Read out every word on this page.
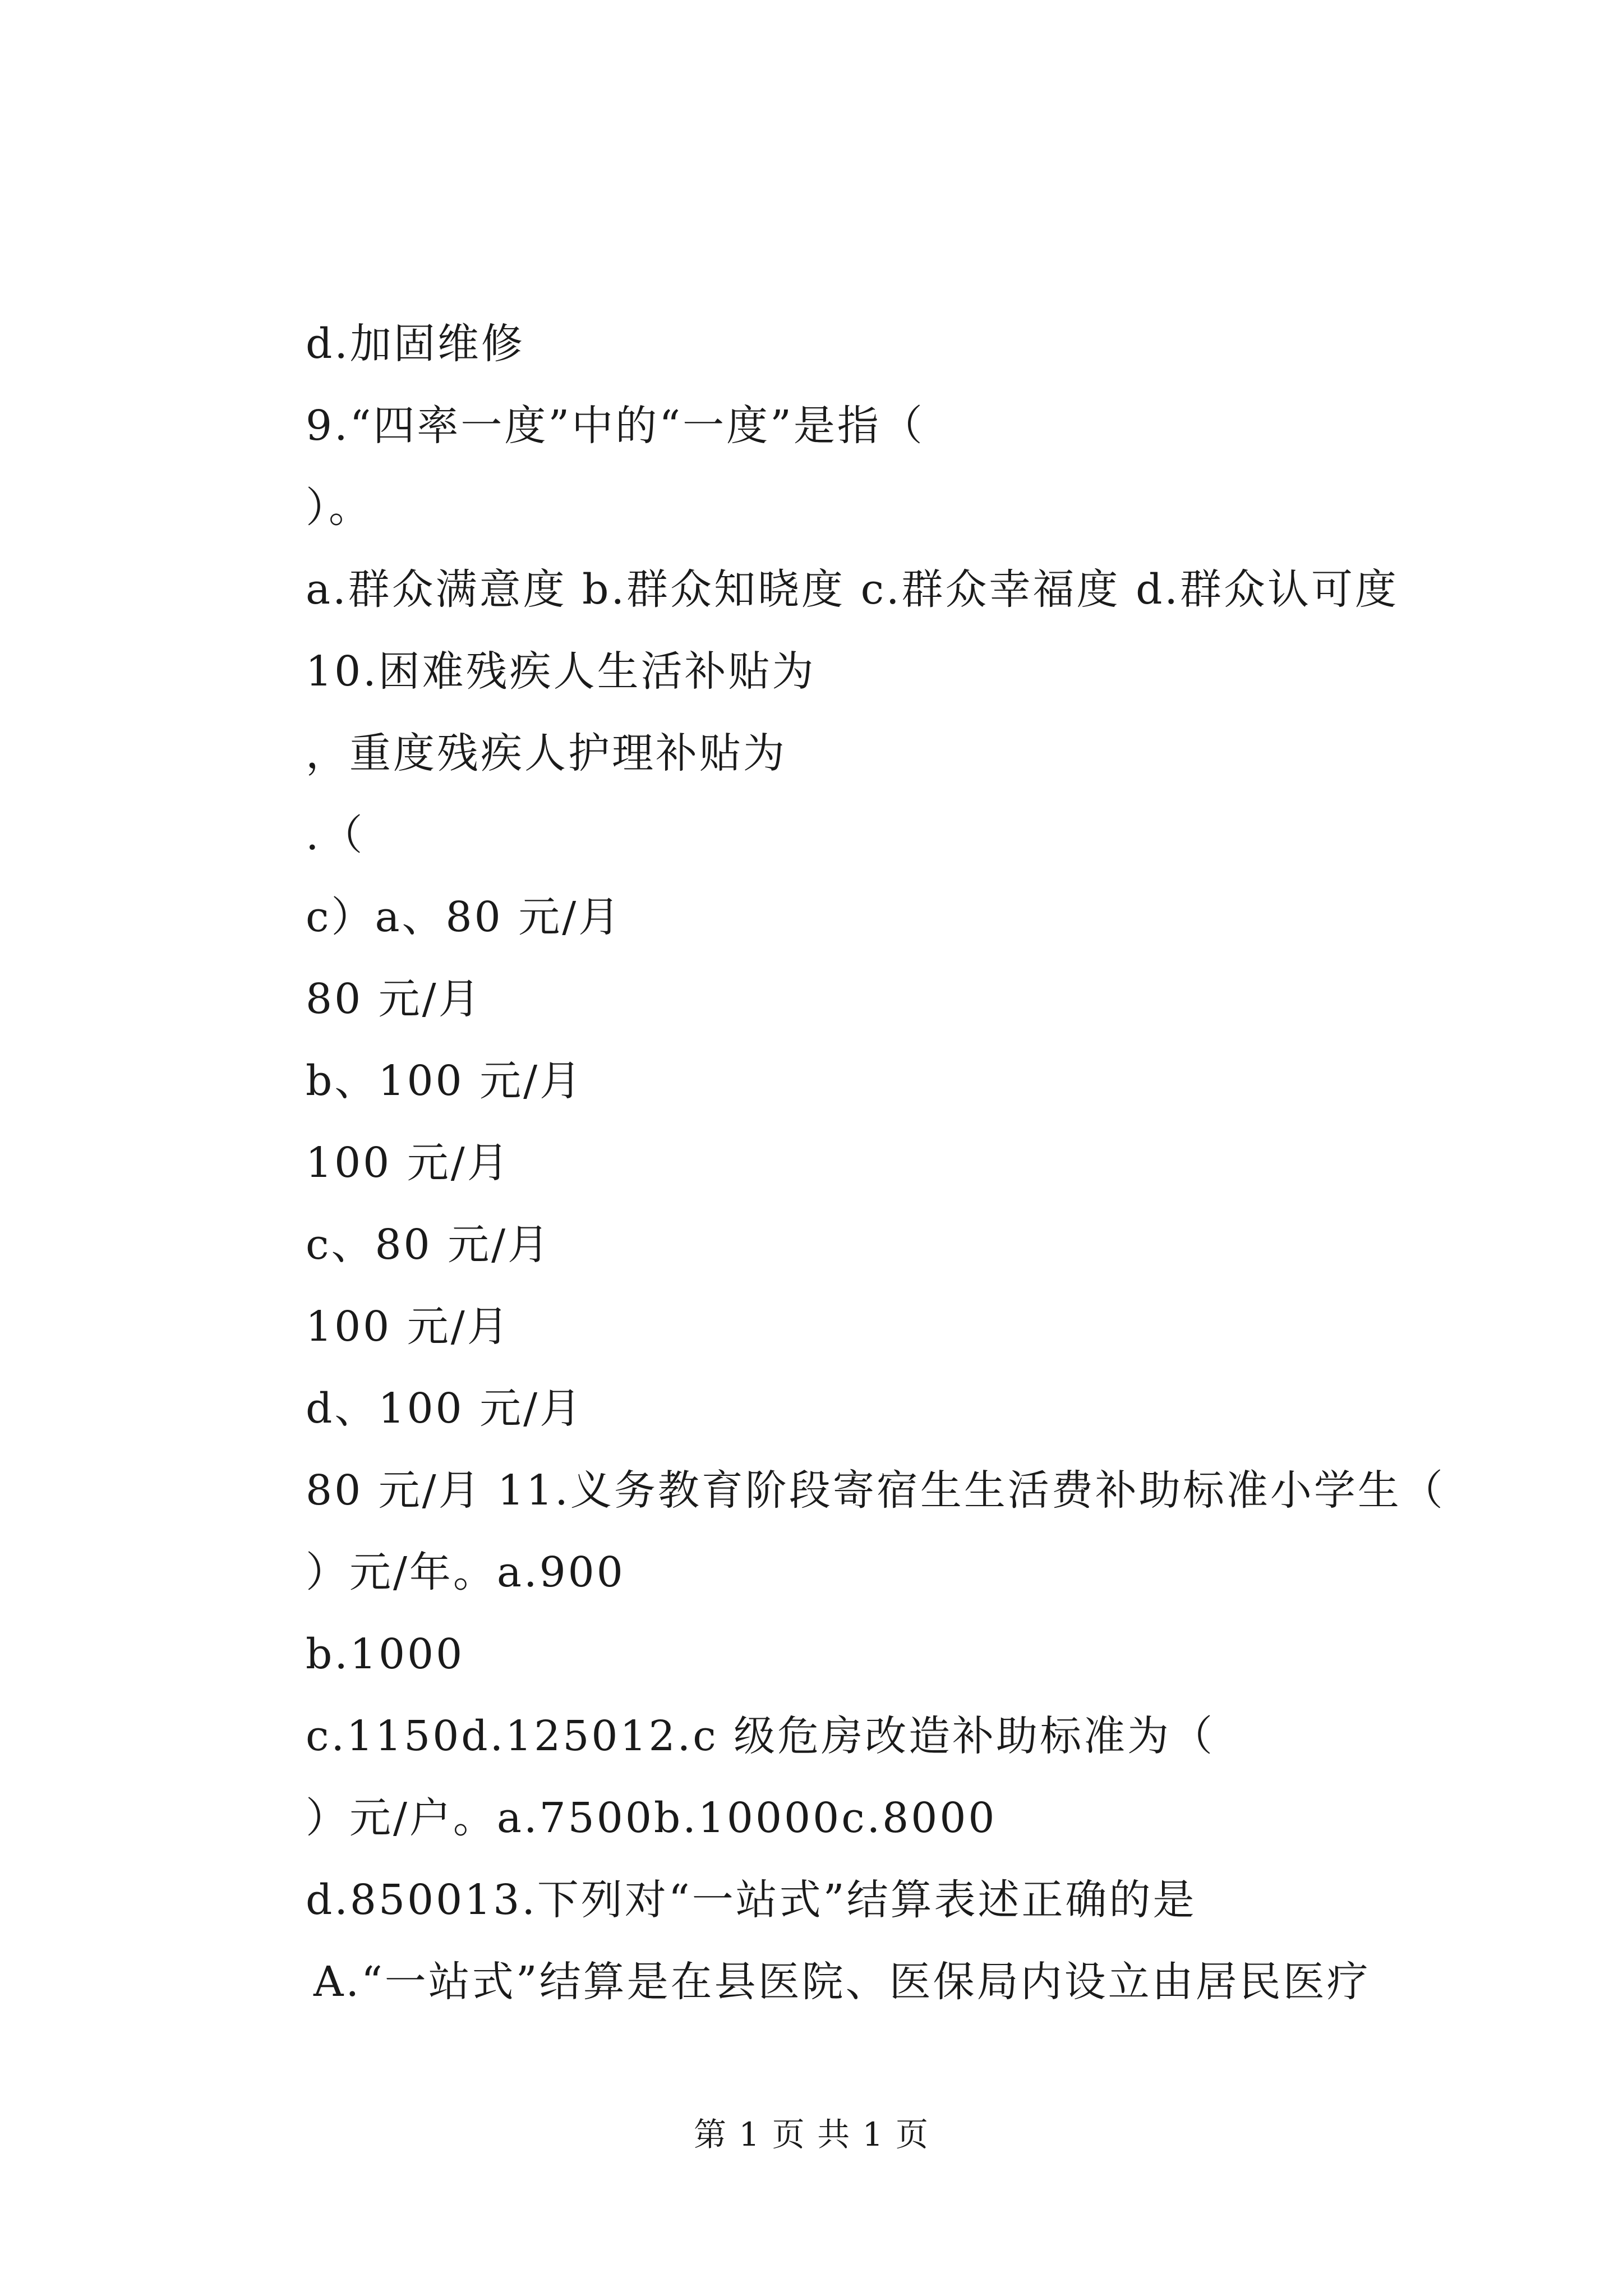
d.加固维修
9.“四率一度”中的“一度”是指（
）。
a.群众满意度 b.群众知晓度 c.群众幸福度 d.群众认可度
10.困难残疾人生活补贴为
，重度残疾人护理补贴为
.（
c）a、80 元/月
80 元/月
b、100 元/月
100 元/月
c、80 元/月
100 元/月
d、100 元/月
80 元/月 11.义务教育阶段寄宿生生活费补助标准小学生（
）元/年。a.900
b.1000
c.1150d.125012.c 级危房改造补助标准为（
）元/户。a.7500b.10000c.8000
d.850013.下列对“一站式”结算表述正确的是
A.“一站式”结算是在县医院、医保局内设立由居民医疗
第 1 页 共 1 页
